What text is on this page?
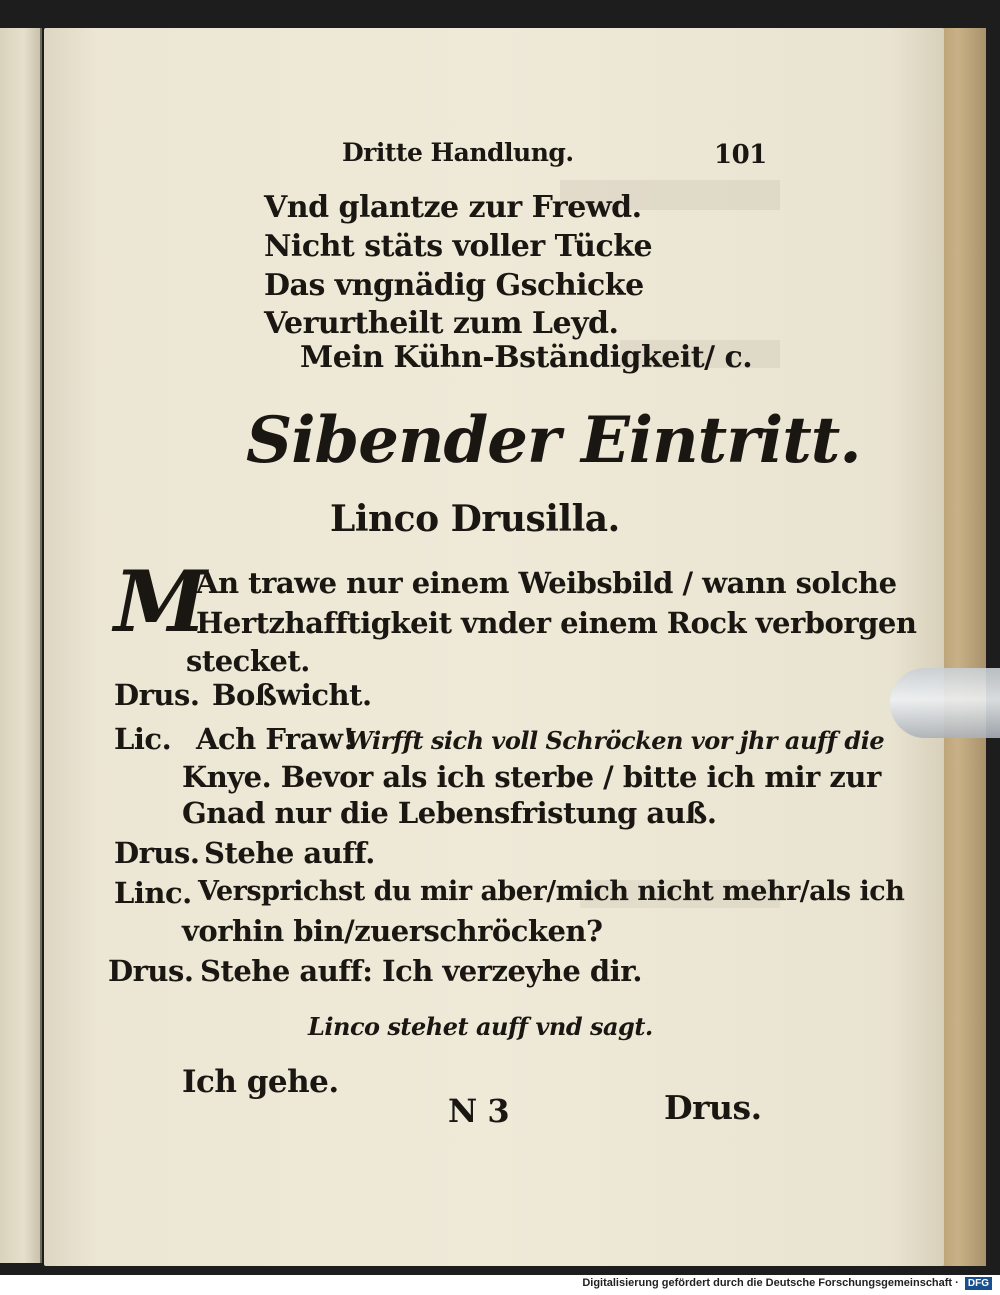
Dritte Handlung.	101
Vnd glantze zur Frewd.
Nicht stäts voller Tücke
Das vngnädig Gschicke
Verurtheilt zum Leyd.
Mein Kühn-Bständigkeit/ c.
Sibender Eintritt.
Linco Drusilla.
M
An trawe nur einem Weibsbild / wann solche
Hertzhafftigkeit vnder einem Rock verborgen
stecket.
Drus. Boßwicht.
Lic. Ach Fraw!
Wirfft sich voll Schröcken vor jhr auff die
Knye. Bevor als ich sterbe / bitte ich mir zur
Gnad nur die Lebensfristung auß.
Drus. Stehe auff.
Linc. Versprichst du mir aber/mich nicht mehr/als ich
vorhin bin/zuerschröcken?
Drus. Stehe auff: Ich verzeyhe dir.
Linco stehet auff vnd sagt.
Ich gehe.
N 3	Drus.
Digitalisierung gefördert durch die Deutsche Forschungsgemeinschaft · DFG
